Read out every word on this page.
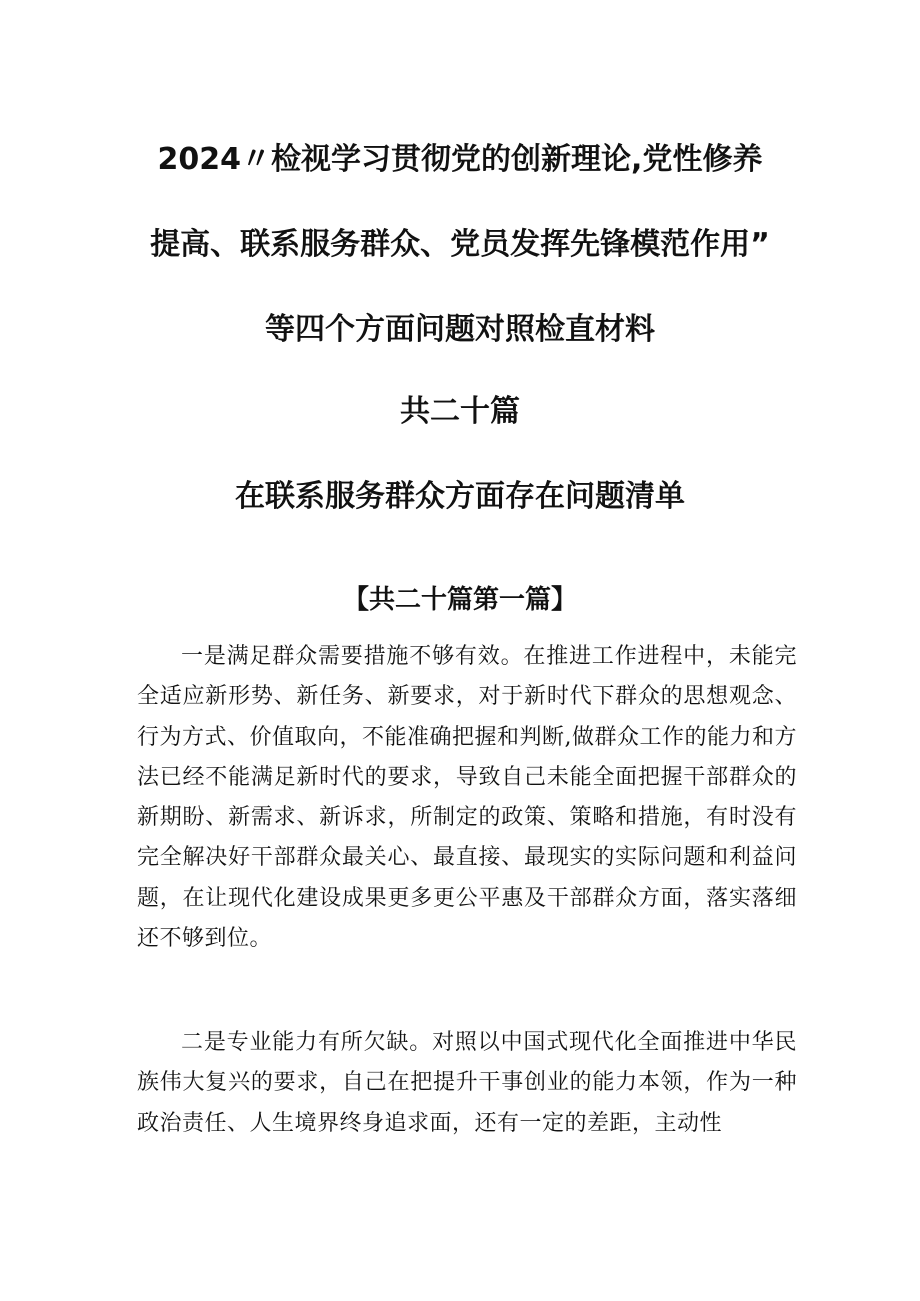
2024〃检视学习贯彻党的创新理论,党性修养
提高、联系服务群众、党员发挥先锋模范作用”
等四个方面问题对照检直材料
共二十篇
在联系服务群众方面存在问题清单
【共二十篇第一篇】

一是满足群众需要措施不够有效。在推进工作进程中，未能完全适应新形势、新任务、新要求，对于新时代下群众的思想观念、行为方式、价值取向，不能准确把握和判断,做群众工作的能力和方法已经不能满足新时代的要求，导致自己未能全面把握干部群众的新期盼、新需求、新诉求，所制定的政策、策略和措施，有时没有完全解决好干部群众最关心、最直接、最现实的实际问题和利益问题，在让现代化建设成果更多更公平惠及干部群众方面，落实落细还不够到位。

二是专业能力有所欠缺。对照以中国式现代化全面推进中华民族伟大复兴的要求，自己在把提升干事创业的能力本领，作为一种政治责任、人生境界终身追求面，还有一定的差距，主动性
